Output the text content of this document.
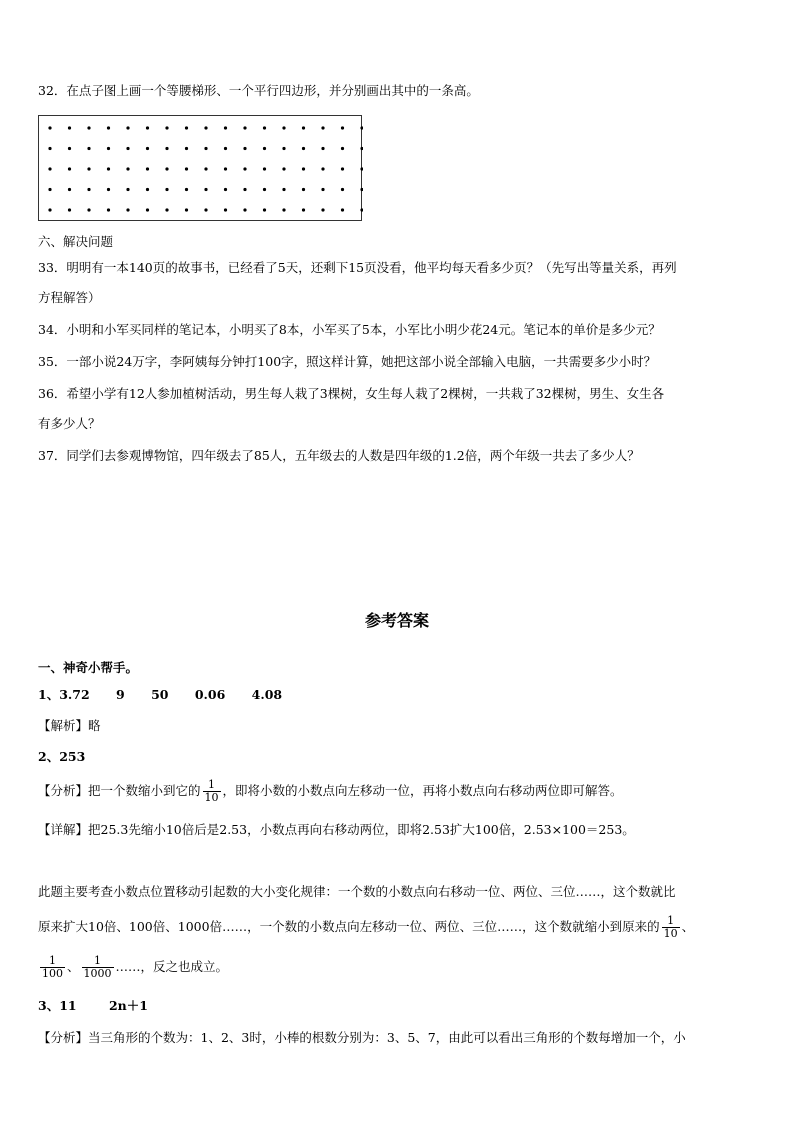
32．在点子图上画一个等腰梯形、一个平行四边形，并分别画出其中的一条高。
六、解决问题
33．明明有一本140页的故事书，已经看了5天，还剩下15页没看，他平均每天看多少页？（先写出等量关系，再列
方程解答）
34．小明和小军买同样的笔记本，小明买了8本，小军买了5本，小军比小明少花24元。笔记本的单价是多少元？
35．一部小说24万字，李阿姨每分钟打100字，照这样计算，她把这部小说全部输入电脑，一共需要多少小时？
36．希望小学有12人参加植树活动，男生每人栽了3棵树，女生每人栽了2棵树，一共栽了32棵树，男生、女生各
有多少人？
37．同学们去参观博物馆，四年级去了85人，五年级去的人数是四年级的1.2倍，两个年级一共去了多少人？
参考答案
一、神奇小帮手。
1、3.72 9 50 0.06 4.08
【解析】略
2、253
【分析】把一个数缩小到它的 $\frac{1}{10}$ ，即将小数的小数点向左移动一位，再将小数点向右移动两位即可解答。
【详解】把25.3先缩小10倍后是2.53，小数点再向右移动两位，即将2.53扩大100倍，2.53×100＝253。
此题主要考查小数点位置移动引起数的大小变化规律：一个数的小数点向右移动一位、两位、三位……，这个数就比
原来扩大10倍、100倍、1000倍……，一个数的小数点向左移动一位、两位、三位……，这个数就缩小到原来的 $\frac{1}{10}$ 、
$\frac{1}{100}$ 、 $\frac{1}{1000}$ ……，反之也成立。
3、11	2n＋1
【分析】当三角形的个数为：1、2、3时，小棒的根数分别为：3、5、7，由此可以看出三角形的个数每增加一个，小
